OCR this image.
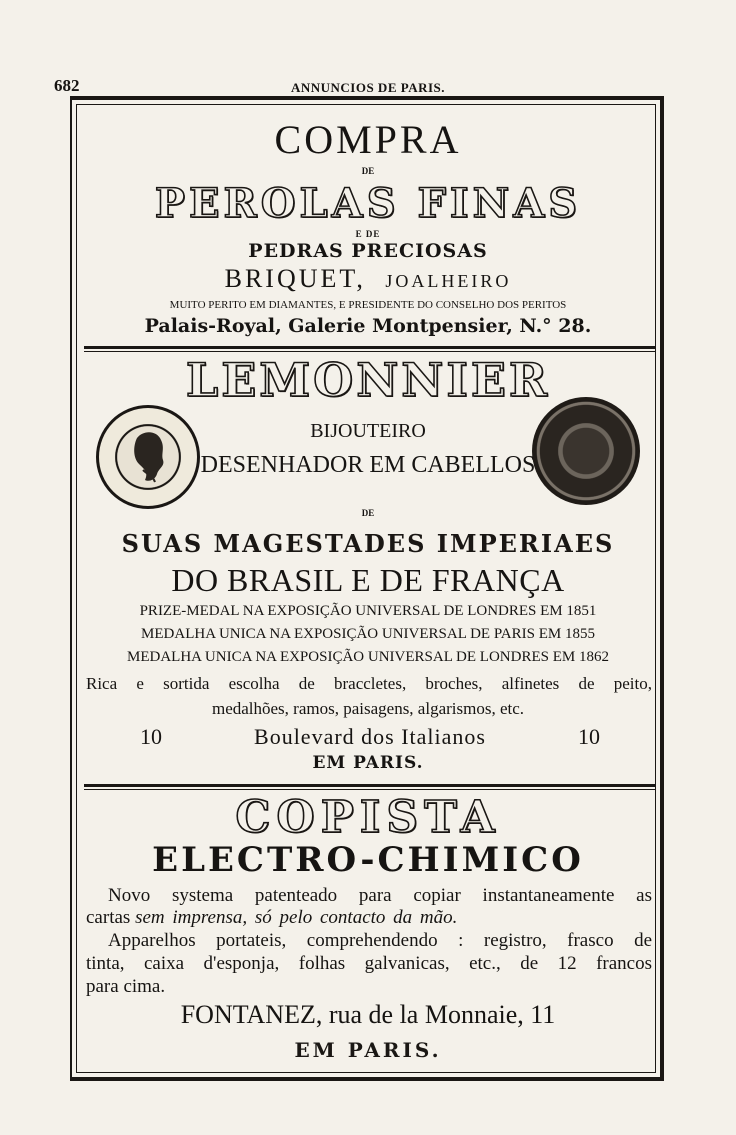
682	ANNUNCIOS DE PARIS.
COMPRA
DE
PEROLAS FINAS
E DE
PEDRAS PRECIOSAS
BRIQUET, JOALHEIRO
MUITO PERITO EM DIAMANTES, E PRESIDENTE DO CONSELHO DOS PERITOS
Palais-Royal, Galerie Montpensier, N.° 28.
LEMONNIER
BIJOUTEIRO
DESENHADOR EM CABELLOS
DE
SUAS MAGESTADES IMPERIAES
DO BRASIL E DE FRANÇA
PRIZE-MEDAL NA EXPOSIÇÃO UNIVERSAL DE LONDRES EM 1851
MEDALHA UNICA NA EXPOSIÇÃO UNIVERSAL DE PARIS EM 1855
MEDALHA UNICA NA EXPOSIÇÃO UNIVERSAL DE LONDRES EM 1862
Rica e sortida escolha de braccletes, broches, alfinetes de peito,
medalhões, ramos, paisagens, algarismos, etc.
10	Boulevard dos Italianos	10
EM PARIS.
COPISTA
ELECTRO-CHIMICO
Novo systema patenteado para copiar instantaneamente as
cartas sem imprensa, só pelo contacto da mão.
Apparelhos portateis, comprehendendo : registro, frasco de
tinta, caixa d'esponja, folhas galvanicas, etc., de 12 francos
para cima.
FONTANEZ, rua de la Monnaie, 11
EM PARIS.
